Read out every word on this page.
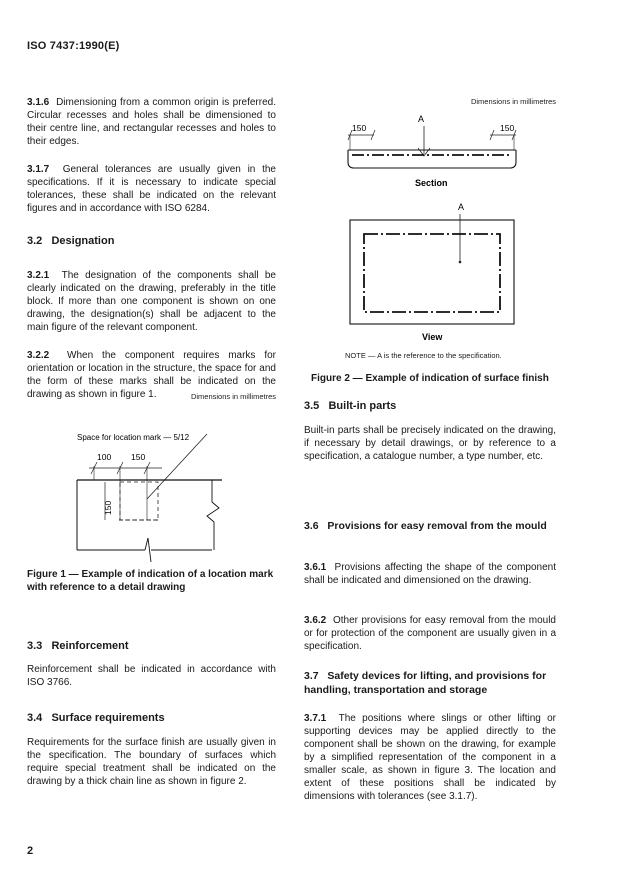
ISO 7437:1990(E)

3.1.6 Dimensioning from a common origin is preferred. Circular recesses and holes shall be dimensioned to their centre line, and rectangular recesses and holes to their edges.

3.1.7 General tolerances are usually given in the specifications. If it is necessary to indicate special tolerances, these shall be indicated on the relevant figures and in accordance with ISO 6284.

3.2 Designation

3.2.1 The designation of the components shall be clearly indicated on the drawing, preferably in the title block. If more than one component is shown on one drawing, the designation(s) shall be adjacent to the main figure of the relevant component.

3.2.2 When the component requires marks for orientation or location in the structure, the space for and the form of these marks shall be indicated on the drawing as shown in figure 1.	Dimensions in millimetres
Space for location mark — 5/12
100 150
150
Figure 1 — Example of indication of a location mark with reference to a detail drawing

3.3 Reinforcement

Reinforcement shall be indicated in accordance with ISO 3766.

3.4 Surface requirements

Requirements for the surface finish are usually given in the specification. The boundary of surfaces which require special treatment shall be indicated on the drawing by a thick chain line as shown in figure 2.

Dimensions in millimetres
A
150	150
Section
A
View
NOTE — A is the reference to the specification.
Figure 2 — Example of indication of surface finish

3.5 Built-in parts

Built-in parts shall be precisely indicated on the drawing, if necessary by detail drawings, or by reference to a specification, a catalogue number, a type number, etc.

3.6 Provisions for easy removal from the mould

3.6.1 Provisions affecting the shape of the component shall be indicated and dimensioned on the drawing.

3.6.2 Other provisions for easy removal from the mould or for protection of the component are usually given in a specification.

3.7 Safety devices for lifting, and provisions for handling, transportation and storage

3.7.1 The positions where slings or other lifting or supporting devices may be applied directly to the component shall be shown on the drawing, for example by a simplified representation of the component in a smaller scale, as shown in figure 3. The location and extent of these positions shall be indicated by dimensions with tolerances (see 3.1.7).

2
